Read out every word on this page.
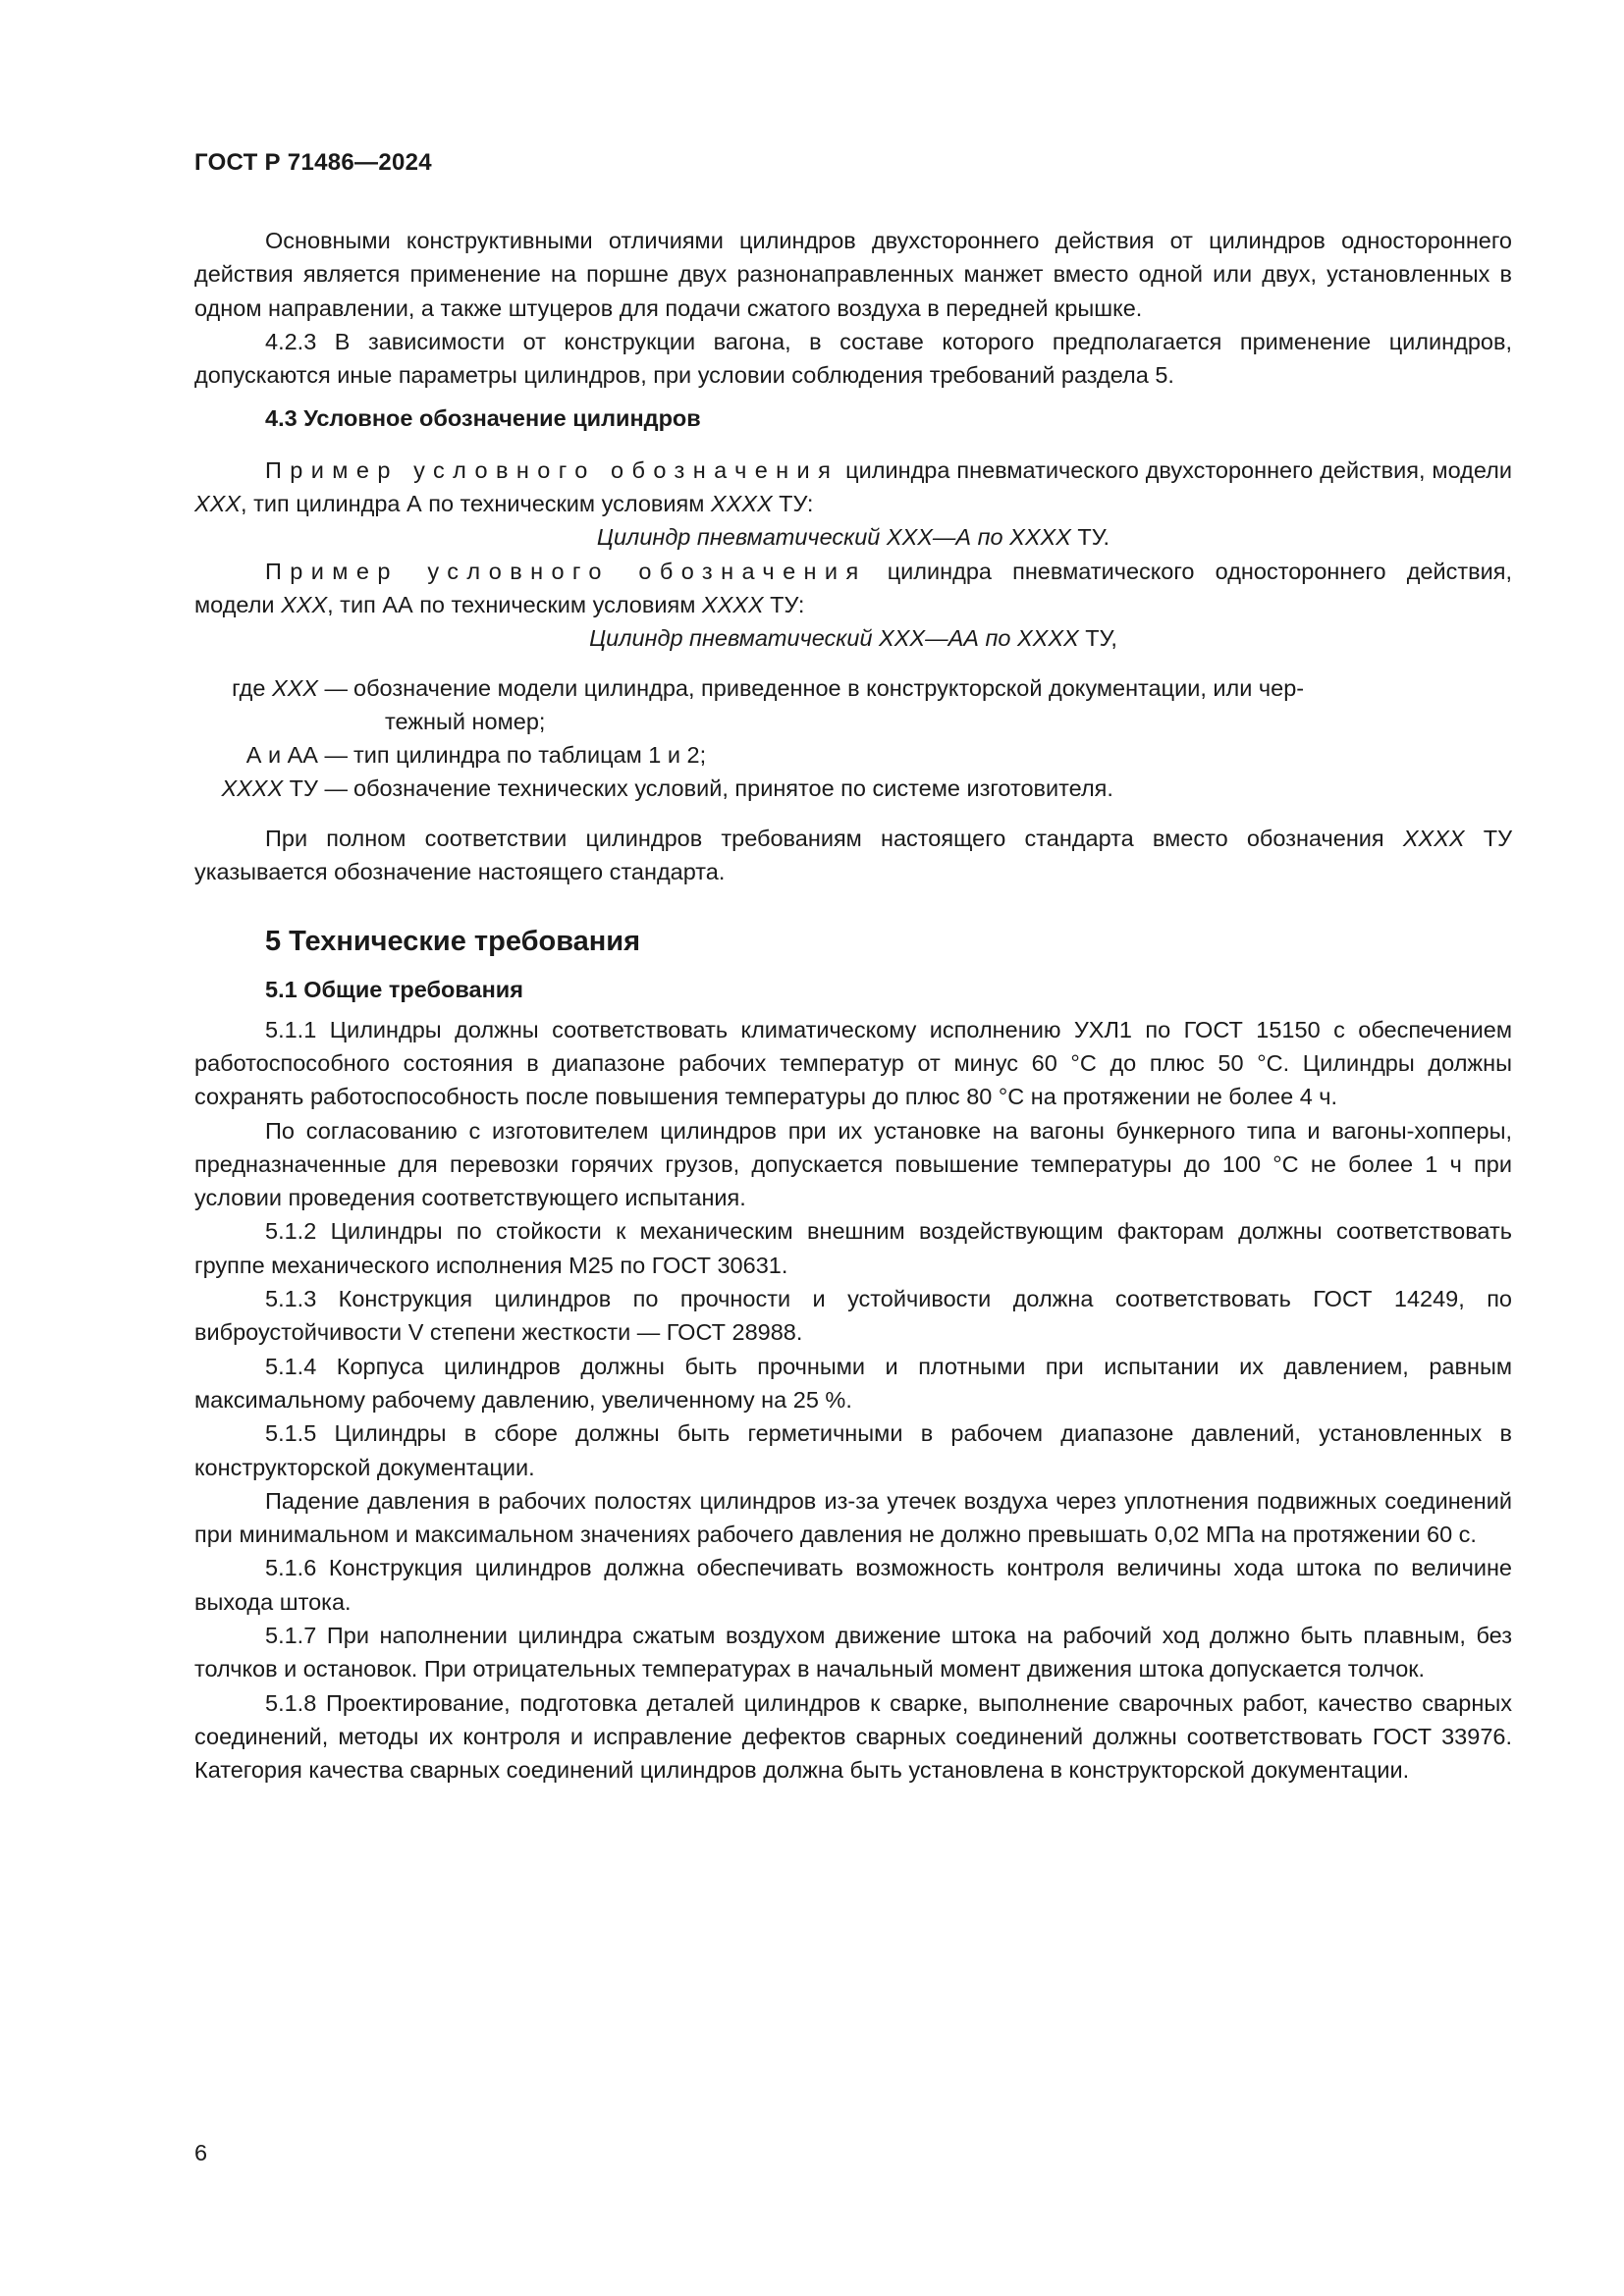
ГОСТ Р 71486—2024

Основными конструктивными отличиями цилиндров двухстороннего действия от цилиндров одностороннего действия является применение на поршне двух разнонаправленных манжет вместо одной или двух, установленных в одном направлении, а также штуцеров для подачи сжатого воздуха в передней крышке.

4.2.3 В зависимости от конструкции вагона, в составе которого предполагается применение цилиндров, допускаются иные параметры цилиндров, при условии соблюдения требований раздела 5.

4.3 Условное обозначение цилиндров

Пример условного обозначения цилиндра пневматического двухстороннего действия, модели ХХХ, тип цилиндра А по техническим условиям ХХХХ ТУ:

Цилиндр пневматический ХХХ—А по ХХХХ ТУ.

Пример условного обозначения цилиндра пневматического одностороннего действия, модели ХХХ, тип АА по техническим условиям ХХХХ ТУ:

Цилиндр пневматический ХХХ—АА по ХХХХ ТУ,

где ХХХ — обозначение модели цилиндра, приведенное в конструкторской документации, или чер-
тежный номер;
А и АА — тип цилиндра по таблицам 1 и 2;
ХХХХ ТУ — обозначение технических условий, принятое по системе изготовителя.

При полном соответствии цилиндров требованиям настоящего стандарта вместо обозначения ХХХХ ТУ указывается обозначение настоящего стандарта.

5 Технические требования
5.1 Общие требования

5.1.1 Цилиндры должны соответствовать климатическому исполнению УХЛ1 по ГОСТ 15150 с обеспечением работоспособного состояния в диапазоне рабочих температур от минус 60 °С до плюс 50 °С. Цилиндры должны сохранять работоспособность после повышения температуры до плюс 80 °С на протяжении не более 4 ч.

По согласованию с изготовителем цилиндров при их установке на вагоны бункерного типа и вагоны-хопперы, предназначенные для перевозки горячих грузов, допускается повышение температуры до 100 °С не более 1 ч при условии проведения соответствующего испытания.

5.1.2 Цилиндры по стойкости к механическим внешним воздействующим факторам должны соответствовать группе механического исполнения М25 по ГОСТ 30631.

5.1.3 Конструкция цилиндров по прочности и устойчивости должна соответствовать ГОСТ 14249, по виброустойчивости V степени жесткости — ГОСТ 28988.

5.1.4 Корпуса цилиндров должны быть прочными и плотными при испытании их давлением, равным максимальному рабочему давлению, увеличенному на 25 %.

5.1.5 Цилиндры в сборе должны быть герметичными в рабочем диапазоне давлений, установленных в конструкторской документации.

Падение давления в рабочих полостях цилиндров из-за утечек воздуха через уплотнения подвижных соединений при минимальном и максимальном значениях рабочего давления не должно превышать 0,02 МПа на протяжении 60 с.

5.1.6 Конструкция цилиндров должна обеспечивать возможность контроля величины хода штока по величине выхода штока.

5.1.7 При наполнении цилиндра сжатым воздухом движение штока на рабочий ход должно быть плавным, без толчков и остановок. При отрицательных температурах в начальный момент движения штока допускается толчок.

5.1.8 Проектирование, подготовка деталей цилиндров к сварке, выполнение сварочных работ, качество сварных соединений, методы их контроля и исправление дефектов сварных соединений должны соответствовать ГОСТ 33976. Категория качества сварных соединений цилиндров должна быть установлена в конструкторской документации.

6
